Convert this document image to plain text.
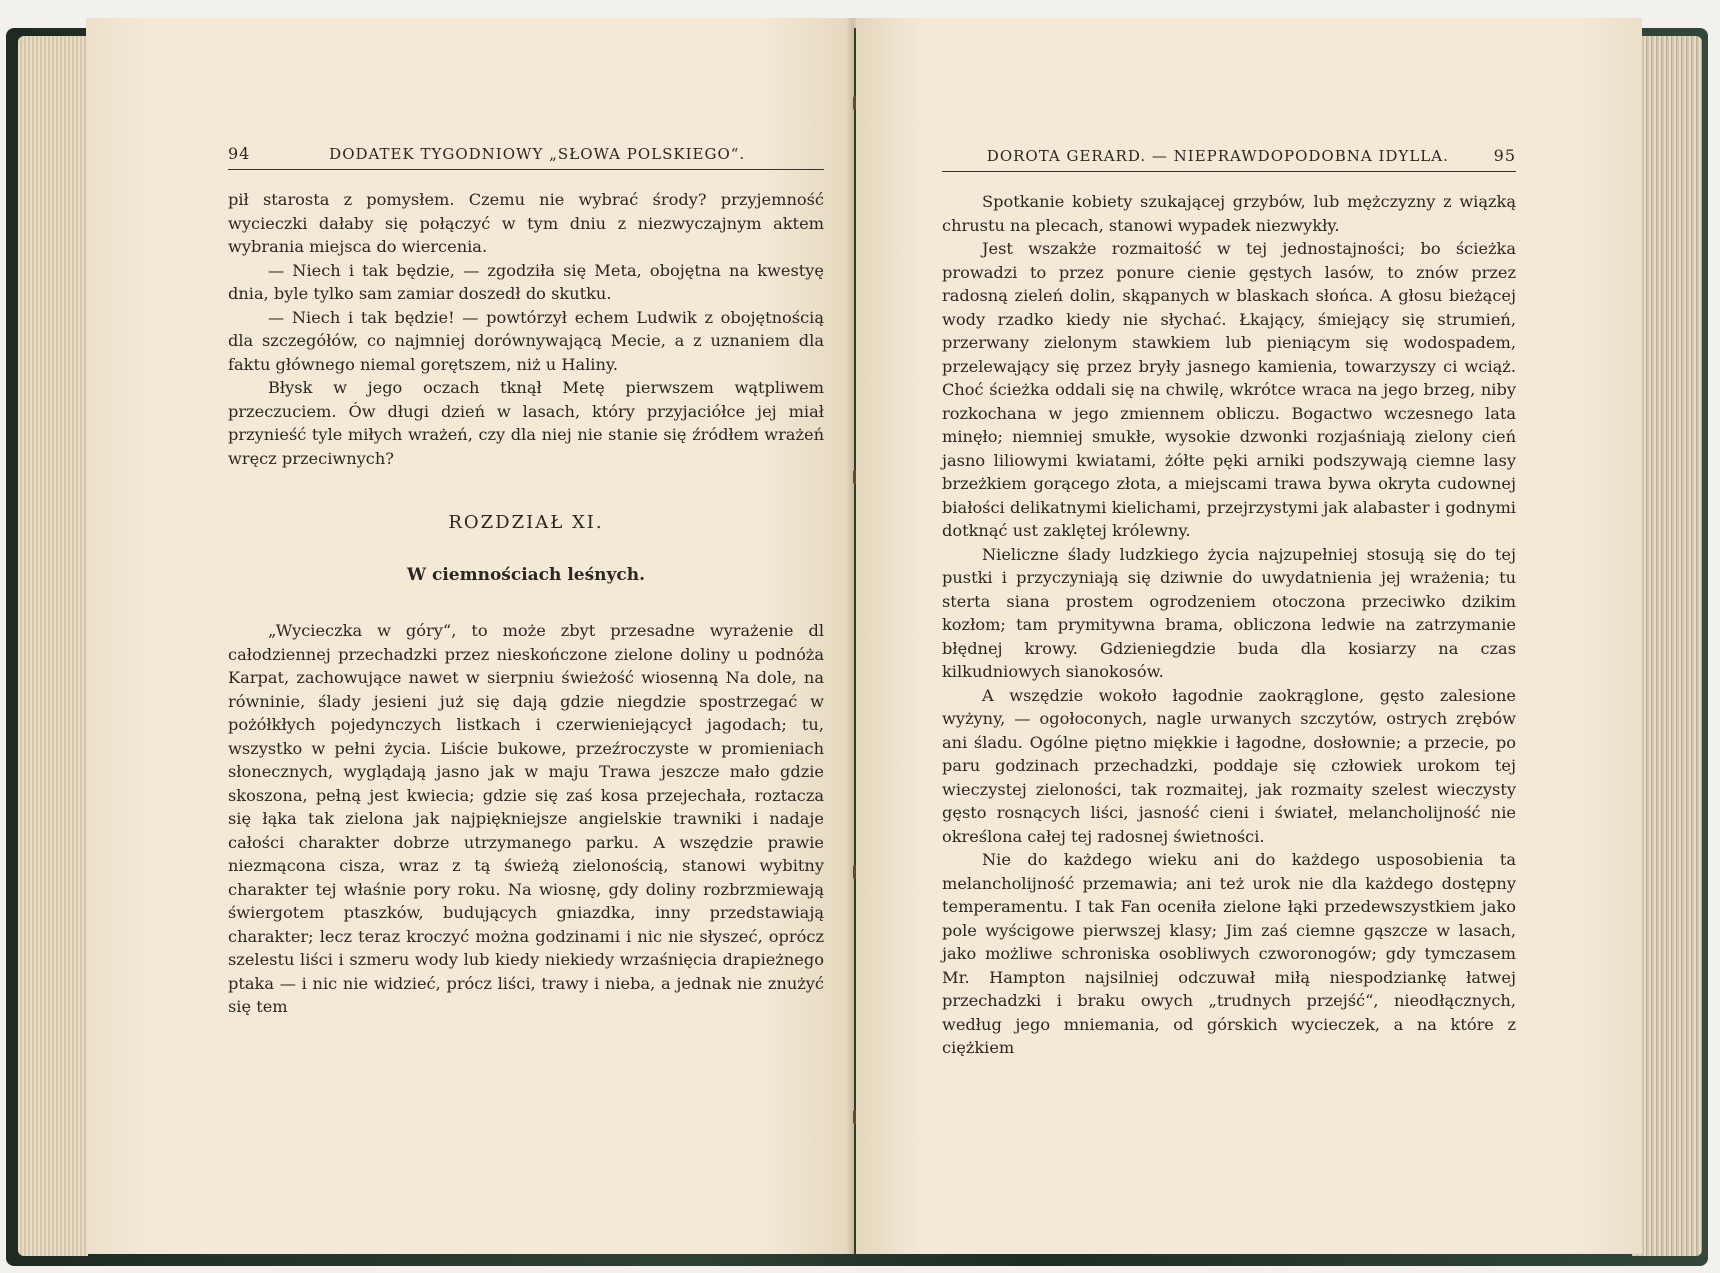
94	DODATEK TYGODNIOWY „SŁOWA POLSKIEGO“.

pił starosta z pomysłem. Czemu nie wybrać środy? przyjemność wycieczki dałaby się połączyć w tym dniu z niezwyczajnym aktem wybrania miejsca do wiercenia.

— Niech i tak będzie, — zgodziła się Meta, obojętna na kwestyę dnia, byle tylko sam zamiar doszedł do skutku.

— Niech i tak będzie! — powtórzył echem Ludwik z obojętnością dla szczegółów, co najmniej dorównywającą Mecie, a z uznaniem dla faktu głównego niemal gorętszem, niż u Haliny.

Błysk w jego oczach tknął Metę pierwszem wątpliwem przeczuciem. Ów długi dzień w lasach, który przyjaciółce jej miał przynieść tyle miłych wrażeń, czy dla niej nie stanie się źródłem wrażeń wręcz przeciwnych?

ROZDZIAŁ XI.
W ciemnościach leśnych.

„Wycieczka w góry“, to może zbyt przesadne wyrażenie dl całodziennej przechadzki przez nieskończone zielone doliny u podnóża Karpat, zachowujące nawet w sierpniu świeżość wiosenną Na dole, na równinie, ślady jesieni już się dają gdzie niegdzie spostrzegać w pożółkłych pojedynczych listkach i czerwieniejącycł jagodach; tu, wszystko w pełni życia. Liście bukowe, przeźroczyste w promieniach słonecznych, wyglądają jasno jak w maju Trawa jeszcze mało gdzie skoszona, pełną jest kwiecia; gdzie się zaś kosa przejechała, roztacza się łąka tak zielona jak najpiękniejsze angielskie trawniki i nadaje całości charakter dobrze utrzymanego parku. A wszędzie prawie niezmącona cisza, wraz z tą świeżą zielonością, stanowi wybitny charakter tej właśnie pory roku. Na wiosnę, gdy doliny rozbrzmiewają świergotem ptaszków, budujących gniazdka, inny przedstawiają charakter; lecz teraz kroczyć można godzinami i nic nie słyszeć, oprócz szelestu liści i szmeru wody lub kiedy niekiedy wrzaśnięcia drapieżnego ptaka — i nic nie widzieć, prócz liści, trawy i nieba, a jednak nie znużyć się tem

DOROTA GERARD. — NIEPRAWDOPODOBNA IDYLLA.	95

Spotkanie kobiety szukającej grzybów, lub mężczyzny z wiązką chrustu na plecach, stanowi wypadek niezwykły.

Jest wszakże rozmaitość w tej jednostajności; bo ścieżka prowadzi to przez ponure cienie gęstych lasów, to znów przez radosną zieleń dolin, skąpanych w blaskach słońca. A głosu bieżącej wody rzadko kiedy nie słychać. Łkający, śmiejący się strumień, przerwany zielonym stawkiem lub pieniącym się wodospadem, przelewający się przez bryły jasnego kamienia, towarzyszy ci wciąż. Choć ścieżka oddali się na chwilę, wkrótce wraca na jego brzeg, niby rozkochana w jego zmiennem obliczu. Bogactwo wczesnego lata minęło; niemniej smukłe, wysokie dzwonki rozjaśniają zielony cień jasno liliowymi kwiatami, żółte pęki arniki podszywają ciemne lasy brzeżkiem gorącego złota, a miejscami trawa bywa okryta cudownej białości delikatnymi kielichami, przejrzystymi jak alabaster i godnymi dotknąć ust zaklętej królewny.

Nieliczne ślady ludzkiego życia najzupełniej stosują się do tej pustki i przyczyniają się dziwnie do uwydatnienia jej wrażenia; tu sterta siana prostem ogrodzeniem otoczona przeciwko dzikim kozłom; tam prymitywna brama, obliczona ledwie na zatrzymanie błędnej krowy. Gdzieniegdzie buda dla kosiarzy na czas kilkudniowych sianokosów.

A wszędzie wokoło łagodnie zaokrąglone, gęsto zalesione wyżyny, — ogołoconych, nagle urwanych szczytów, ostrych zrębów ani śladu. Ogólne piętno miękkie i łagodne, dosłownie; a przecie, po paru godzinach przechadzki, poddaje się człowiek urokom tej wieczystej zieloności, tak rozmaitej, jak rozmaity szelest wieczysty gęsto rosnących liści, jasność cieni i świateł, melancholijność nie określona całej tej radosnej świetności.

Nie do każdego wieku ani do każdego usposobienia ta melancholijność przemawia; ani też urok nie dla każdego dostępny temperamentu. I tak Fan oceniła zielone łąki przedewszystkiem jako pole wyścigowe pierwszej klasy; Jim zaś ciemne gąszcze w lasach, jako możliwe schroniska osobliwych czworonogów; gdy tymczasem Mr. Hampton najsilniej odczuwał miłą niespodziankę łatwej przechadzki i braku owych „trudnych przejść“, nieodłącznych, według jego mniemania, od górskich wycieczek, a na które z ciężkiem
